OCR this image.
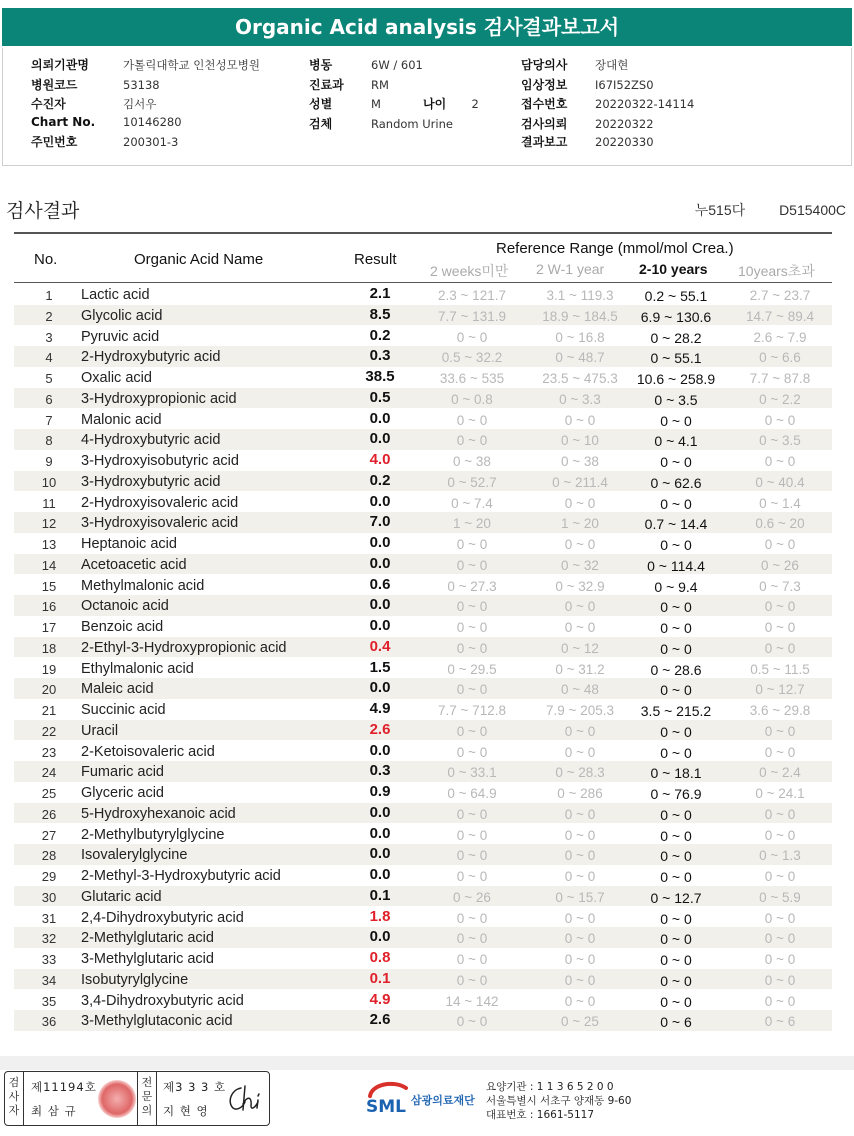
Organic Acid analysis 검사결과보고서
의뢰기관명	가톨릭대학교 인천성모병원
병원코드	53138
수진자	김서우
Chart No. 10146280
주민번호	200301-3
병동	6W / 601
진료과 RM
성별	M
검체	Random Urine
나이 2
담당의사 장대현
임상정보 I67I52ZS0
접수번호 20220322-14114
검사의뢰 20220322
결과보고 20220330
검사결과	누515다 D515400C
No.	Organic Acid Name	Result
Reference Range (mmol/mol Crea.)
2 weeks미만 2 W-1 year 2-10 years 10years초과
1	Lactic acid	2.1	2.3 ~ 121.7	3.1 ~ 119.3	0.2 ~ 55.1	2.7 ~ 23.7
2	Glycolic acid	8.5	7.7 ~ 131.9	18.9 ~ 184.5	6.9 ~ 130.6	14.7 ~ 89.4
3	Pyruvic acid	0.2	0 ~ 0	0 ~ 16.8	0 ~ 28.2	2.6 ~ 7.9
4	2-Hydroxybutyric acid	0.3	0.5 ~ 32.2	0 ~ 48.7	0 ~ 55.1	0 ~ 6.6
5	Oxalic acid	38.5	33.6 ~ 535	23.5 ~ 475.3	10.6 ~ 258.9	7.7 ~ 87.8
6	3-Hydroxypropionic acid	0.5	0 ~ 0.8	0 ~ 3.3	0 ~ 3.5	0 ~ 2.2
7	Malonic acid	0.0	0 ~ 0	0 ~ 0	0 ~ 0	0 ~ 0
8	4-Hydroxybutyric acid	0.0	0 ~ 0	0 ~ 10	0 ~ 4.1	0 ~ 3.5
9	3-Hydroxyisobutyric acid	4.0	0 ~ 38	0 ~ 38	0 ~ 0	0 ~ 0
10	3-Hydroxybutyric acid	0.2	0 ~ 52.7	0 ~ 211.4	0 ~ 62.6	0 ~ 40.4
11	2-Hydroxyisovaleric acid	0.0	0 ~ 7.4	0 ~ 0	0 ~ 0	0 ~ 1.4
12	3-Hydroxyisovaleric acid	7.0	1 ~ 20	1 ~ 20	0.7 ~ 14.4	0.6 ~ 20
13	Heptanoic acid	0.0	0 ~ 0	0 ~ 0	0 ~ 0	0 ~ 0
14	Acetoacetic acid	0.0	0 ~ 0	0 ~ 32	0 ~ 114.4	0 ~ 26
15	Methylmalonic acid	0.6	0 ~ 27.3	0 ~ 32.9	0 ~ 9.4	0 ~ 7.3
16	Octanoic acid	0.0	0 ~ 0	0 ~ 0	0 ~ 0	0 ~ 0
17	Benzoic acid	0.0	0 ~ 0	0 ~ 0	0 ~ 0	0 ~ 0
18	2-Ethyl-3-Hydroxypropionic acid	0.4	0 ~ 0	0 ~ 12	0 ~ 0	0 ~ 0
19	Ethylmalonic acid	1.5	0 ~ 29.5	0 ~ 31.2	0 ~ 28.6	0.5 ~ 11.5
20	Maleic acid	0.0	0 ~ 0	0 ~ 48	0 ~ 0	0 ~ 12.7
21	Succinic acid	4.9	7.7 ~ 712.8	7.9 ~ 205.3	3.5 ~ 215.2	3.6 ~ 29.8
22	Uracil	2.6	0 ~ 0	0 ~ 0	0 ~ 0	0 ~ 0
23	2-Ketoisovaleric acid	0.0	0 ~ 0	0 ~ 0	0 ~ 0	0 ~ 0
24	Fumaric acid	0.3	0 ~ 33.1	0 ~ 28.3	0 ~ 18.1	0 ~ 2.4
25	Glyceric acid	0.9	0 ~ 64.9	0 ~ 286	0 ~ 76.9	0 ~ 24.1
26	5-Hydroxyhexanoic acid	0.0	0 ~ 0	0 ~ 0	0 ~ 0	0 ~ 0
27	2-Methylbutyrylglycine	0.0	0 ~ 0	0 ~ 0	0 ~ 0	0 ~ 0
28	Isovalerylglycine	0.0	0 ~ 0	0 ~ 0	0 ~ 0	0 ~ 1.3
29	2-Methyl-3-Hydroxybutyric acid	0.0	0 ~ 0	0 ~ 0	0 ~ 0	0 ~ 0
30	Glutaric acid	0.1	0 ~ 26	0 ~ 15.7	0 ~ 12.7	0 ~ 5.9
31	2,4-Dihydroxybutyric acid	1.8	0 ~ 0	0 ~ 0	0 ~ 0	0 ~ 0
32	2-Methylglutaric acid	0.0	0 ~ 0	0 ~ 0	0 ~ 0	0 ~ 0
33	3-Methylglutaric acid	0.8	0 ~ 0	0 ~ 0	0 ~ 0	0 ~ 0
34	Isobutyrylglycine	0.1	0 ~ 0	0 ~ 0	0 ~ 0	0 ~ 0
35	3,4-Dihydroxybutyric acid	4.9	14 ~ 142	0 ~ 0	0 ~ 0	0 ~ 0
36	3-Methylglutaconic acid	2.6	0 ~ 0	0 ~ 25	0 ~ 6	0 ~ 6
검
사
자
제11194호
최 삼 규
전
문
의
제3 3 3 호
지 현 영	SML 삼광의료재단
요양기관 : 1 1 3 6 5 2 0 0
서울특별시 서초구 양재동 9-60
대표번호 : 1661-5117
